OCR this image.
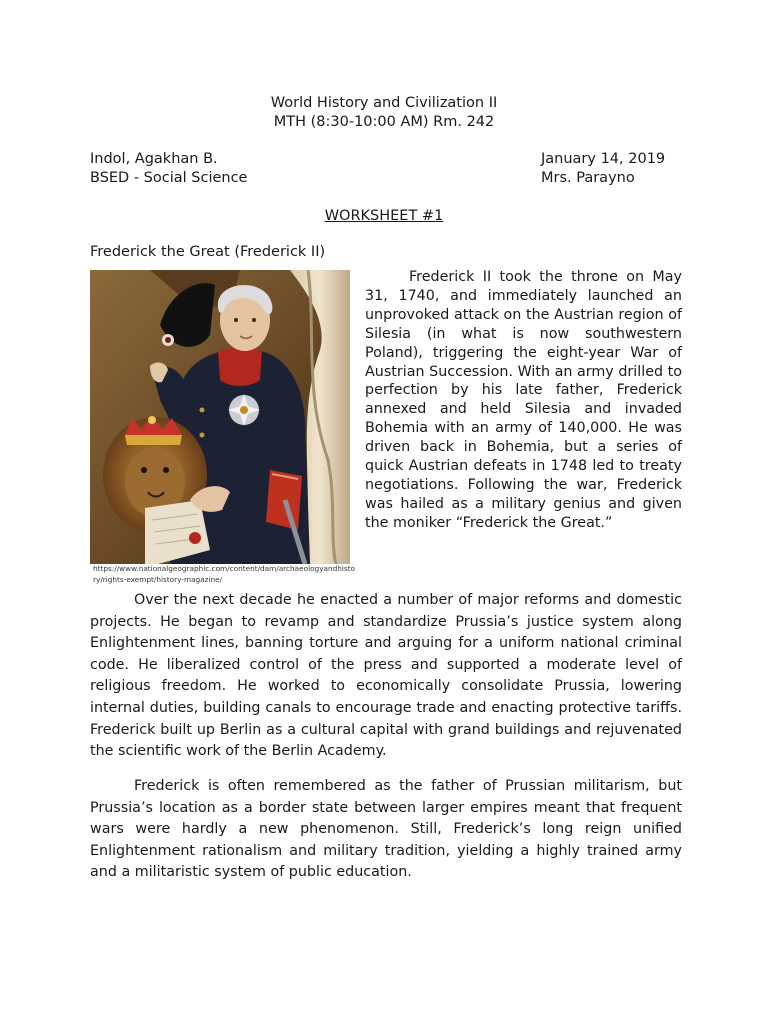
World History and Civilization II
MTH (8:30-10:00 AM) Rm. 242
Indol, Agakhan B.
BSED - Social Science
January 14, 2019
Mrs. Parayno
WORKSHEET #1
Frederick the Great (Frederick II)
https://www.nationalgeographic.com/content/dam/archaeologyandhistory/rights-exempt/history-magazine/

Frederick II took the throne on May 31, 1740, and immediately launched an unprovoked attack on the Austrian region of Silesia (in what is now southwestern Poland), triggering the eight-year War of Austrian Succession. With an army drilled to perfection by his late father, Frederick annexed and held Silesia and invaded Bohemia with an army of 140,000. He was driven back in Bohemia, but a series of quick Austrian defeats in 1748 led to treaty negotiations. Following the war, Frederick was hailed as a military genius and given the moniker “Frederick the Great.”

Over the next decade he enacted a number of major reforms and domestic projects. He began to revamp and standardize Prussia’s justice system along Enlightenment lines, banning torture and arguing for a uniform national criminal code. He liberalized control of the press and supported a moderate level of religious freedom. He worked to economically consolidate Prussia, lowering internal duties, building canals to encourage trade and enacting protective tariffs. Frederick built up Berlin as a cultural capital with grand buildings and rejuvenated the scientific work of the Berlin Academy.

Frederick is often remembered as the father of Prussian militarism, but Prussia’s location as a border state between larger empires meant that frequent wars were hardly a new phenomenon. Still, Frederick’s long reign unified Enlightenment rationalism and military tradition, yielding a highly trained army and a militaristic system of public education.
